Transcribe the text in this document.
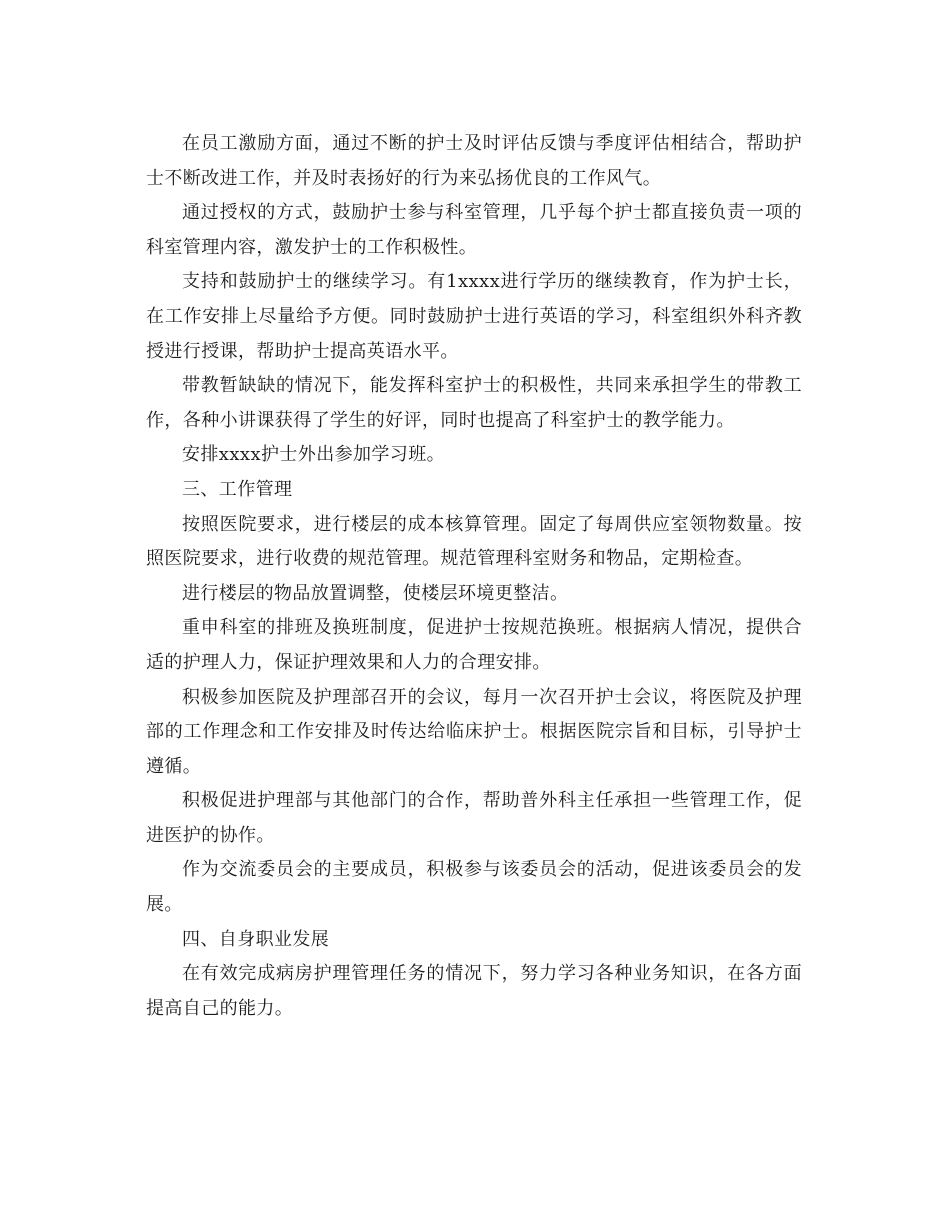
在员工激励方面，通过不断的护士及时评估反馈与季度评估相结合，帮助护士不断改进工作，并及时表扬好的行为来弘扬优良的工作风气。

通过授权的方式，鼓励护士参与科室管理，几乎每个护士都直接负责一项的科室管理内容，激发护士的工作积极性。

支持和鼓励护士的继续学习。有1xxxx进行学历的继续教育，作为护士长，在工作安排上尽量给予方便。同时鼓励护士进行英语的学习，科室组织外科齐教授进行授课，帮助护士提高英语水平。

带教暂缺缺的情况下，能发挥科室护士的积极性，共同来承担学生的带教工作，各种小讲课获得了学生的好评，同时也提高了科室护士的教学能力。

安排xxxx护士外出参加学习班。

三、工作管理

按照医院要求，进行楼层的成本核算管理。固定了每周供应室领物数量。按照医院要求，进行收费的规范管理。规范管理科室财务和物品，定期检查。

进行楼层的物品放置调整，使楼层环境更整洁。

重申科室的排班及换班制度，促进护士按规范换班。根据病人情况，提供合适的护理人力，保证护理效果和人力的合理安排。

积极参加医院及护理部召开的会议，每月一次召开护士会议，将医院及护理部的工作理念和工作安排及时传达给临床护士。根据医院宗旨和目标，引导护士遵循。

积极促进护理部与其他部门的合作，帮助普外科主任承担一些管理工作，促进医护的协作。

作为交流委员会的主要成员，积极参与该委员会的活动，促进该委员会的发展。

四、自身职业发展

在有效完成病房护理管理任务的情况下，努力学习各种业务知识，在各方面提高自己的能力。
